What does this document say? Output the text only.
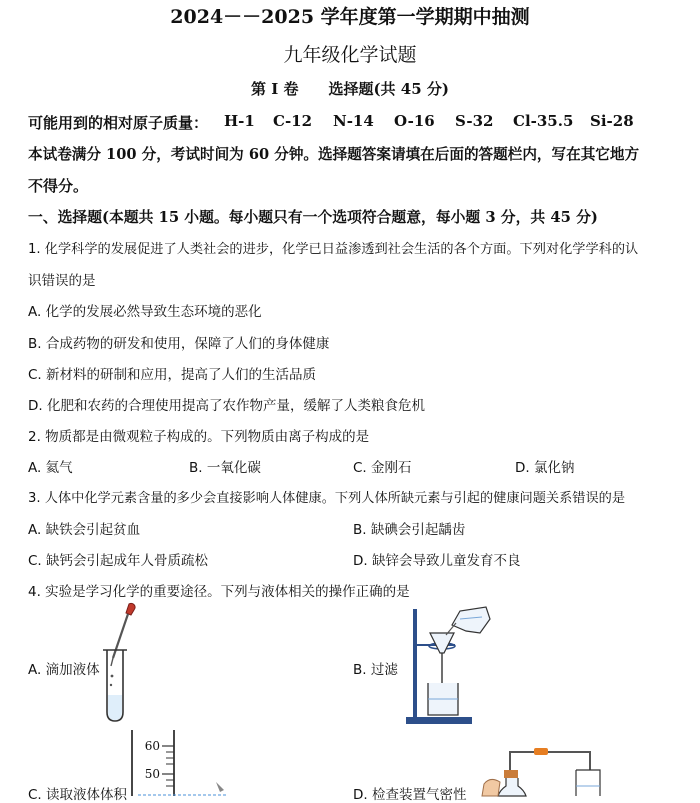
2024－－2025 学年度第一学期期中抽测
九年级化学试题
第 I 卷　　选择题(共 45 分)
可能用到的相对原子质量： H-1 C-12 N-14 O-16 S-32 Cl-35.5 Si-28
本试卷满分 100 分，考试时间为 60 分钟。选择题答案请填在后面的答题栏内，写在其它地方
不得分。
一、选择题(本题共 15 小题。每小题只有一个选项符合题意，每小题 3 分，共 45 分)
1. 化学科学的发展促进了人类社会的进步，化学已日益渗透到社会生活的各个方面。下列对化学学科的认
识错误的是
A. 化学的发展必然导致生态环境的恶化
B. 合成药物的研发和使用，保障了人们的身体健康
C. 新材料的研制和应用，提高了人们的生活品质
D. 化肥和农药的合理使用提高了农作物产量，缓解了人类粮食危机
2. 物质都是由微观粒子构成的。下列物质由离子构成的是
A. 氦气	B. 一氧化碳	C. 金刚石	D. 氯化钠
3. 人体中化学元素含量的多少会直接影响人体健康。下列人体所缺元素与引起的健康问题关系错误的是
A. 缺铁会引起贫血	B. 缺碘会引起龋齿
C. 缺钙会引起成年人骨质疏松	D. 缺锌会导致儿童发育不良
4. 实验是学习化学的重要途径。下列与液体相关的操作正确的是
A. 滴加液体	B. 过滤
C. 读取液体体积	D. 检查装置气密性
60
50
